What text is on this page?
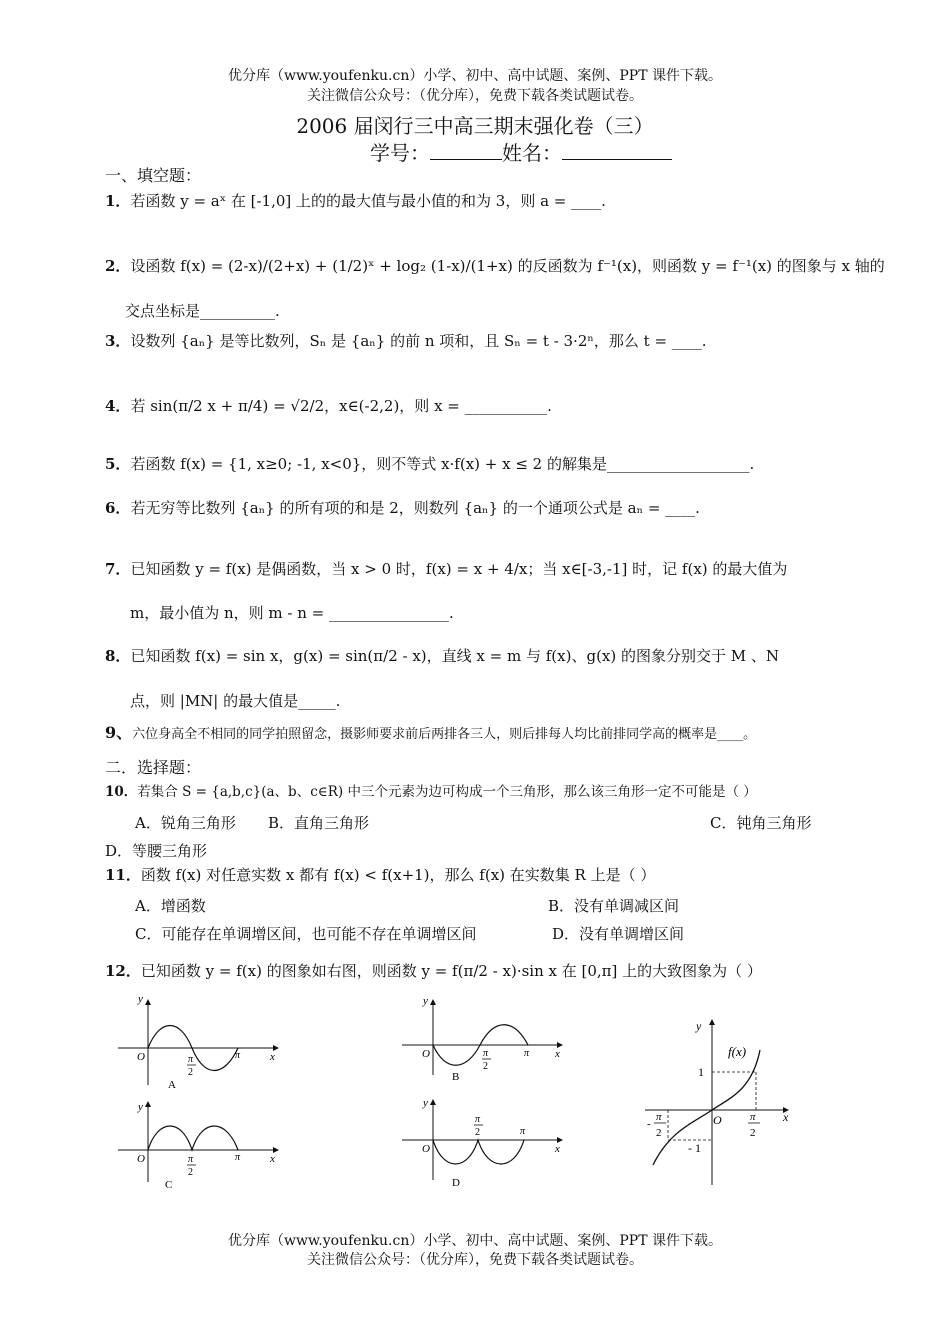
优分库（www.youfenku.cn）小学、初中、高中试题、案例、PPT 课件下载。
关注微信公众号：（优分库），免费下载各类试题试卷。
2006 届闵行三中高三期末强化卷（三）
学号：	姓名：
一、填空题：
1．若函数 y = aˣ 在 [-1,0] 上的的最大值与最小值的和为 3，则 a = ____.
2．设函数 f(x) = (2-x)/(2+x) + (1/2)ˣ + log₂ (1-x)/(1+x) 的反函数为 f⁻¹(x)，则函数 y = f⁻¹(x) 的图象与 x 轴的
交点坐标是__________.
3．设数列 {aₙ} 是等比数列，Sₙ 是 {aₙ} 的前 n 项和，且 Sₙ = t - 3·2ⁿ，那么 t = ____.
4．若 sin(π/2 x + π/4) = √2/2，x∈(-2,2)，则 x = ___________.
5．若函数 f(x) = {1, x≥0; -1, x<0}，则不等式 x·f(x) + x ≤ 2 的解集是___________________.
6．若无穷等比数列 {aₙ} 的所有项的和是 2，则数列 {aₙ} 的一个通项公式是 aₙ = ____.
7．已知函数 y = f(x) 是偶函数，当 x > 0 时，f(x) = x + 4/x；当 x∈[-3,-1] 时，记 f(x) 的最大值为
m，最小值为 n，则 m - n = ________________.
8．已知函数 f(x) = sin x，g(x) = sin(π/2 - x)，直线 x = m 与 f(x)、g(x) 的图象分别交于 M 、N
点，则 |MN| 的最大值是_____.
9、六位身高全不相同的同学拍照留念，摄影师要求前后两排各三人，则后排每人均比前排同学高的概率是____。
二．选择题：
10．若集合 S = {a,b,c}(a、b、c∈R) 中三个元素为边可构成一个三角形，那么该三角形一定不可能是（ ）
A．锐角三角形 B．直角三角形	C．钝角三角形
D．等腰三角形
11．函数 f(x) 对任意实数 x 都有 f(x) < f(x+1)，那么 f(x) 在实数集 R 上是（ ）
A．增函数	B．没有单调减区间
C．可能存在单调增区间，也可能不存在单调增区间	D．没有单调增区间
12．已知函数 y = f(x) 的图象如右图，则函数 y = f(π/2 - x)·sin x 在 [0,π] 上的大致图象为（ ）
y
x
O	π
2
π
A
y
x
O	π
2
π
B
y
x
O	π
2
π
C
y
x
O
π
2	π
D
y
x
O
f(x)
1
- 1
π
2
-
π
2
优分库（www.youfenku.cn）小学、初中、高中试题、案例、PPT 课件下载。
关注微信公众号：（优分库），免费下载各类试题试卷。
